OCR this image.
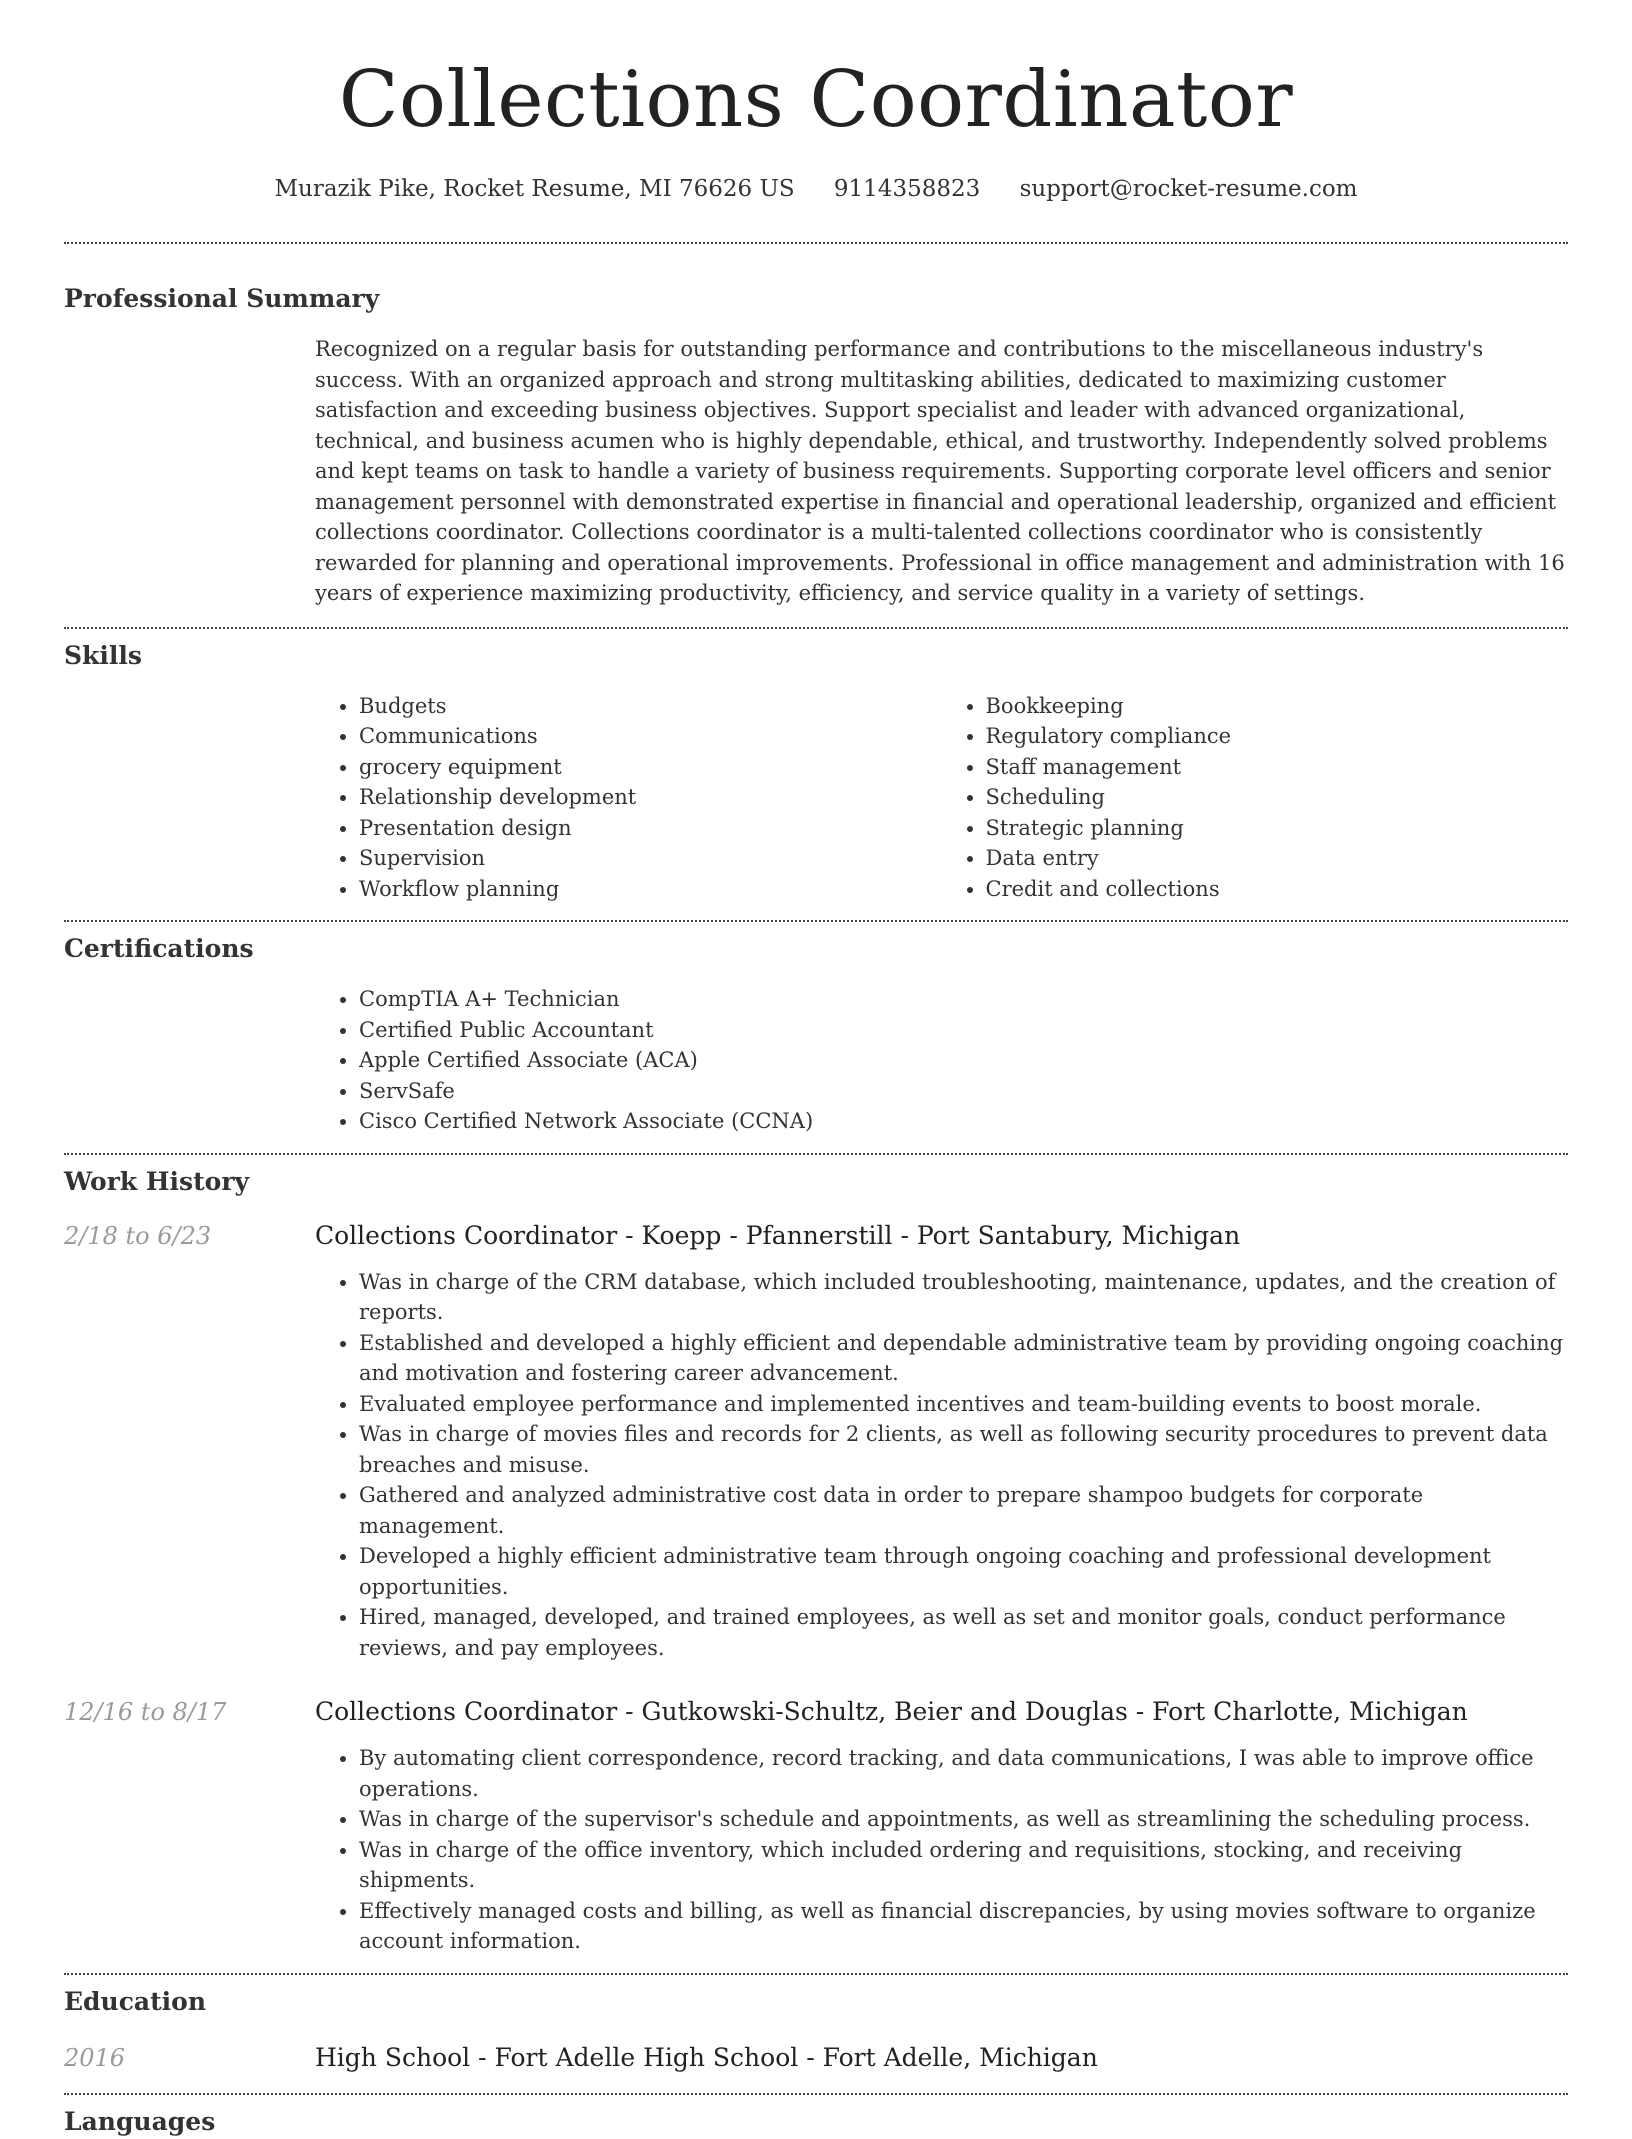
Collections Coordinator
Murazik Pike, Rocket Resume, MI 76626 US 9114358823 support@rocket-resume.com
Professional Summary

Recognized on a regular basis for outstanding performance and contributions to the miscellaneous industry's success. With an organized approach and strong multitasking abilities, dedicated to maximizing customer satisfaction and exceeding business objectives. Support specialist and leader with advanced organizational, technical, and business acumen who is highly dependable, ethical, and trustworthy. Independently solved problems and kept teams on task to handle a variety of business requirements. Supporting corporate level officers and senior management personnel with demonstrated expertise in financial and operational leadership, organized and efficient collections coordinator. Collections coordinator is a multi-talented collections coordinator who is consistently rewarded for planning and operational improvements. Professional in office management and administration with 16 years of experience maximizing productivity, efficiency, and service quality in a variety of settings.

Skills
• Budgets
• Communications
• grocery equipment
• Relationship development
• Presentation design
• Supervision
• Workflow planning
• Bookkeeping
• Regulatory compliance
• Staff management
• Scheduling
• Strategic planning
• Data entry
• Credit and collections
Certifications
• CompTIA A+ Technician
• Certified Public Accountant
• Apple Certified Associate (ACA)
• ServSafe
• Cisco Certified Network Associate (CCNA)
Work History
2/18 to 6/23	Collections Coordinator - Koepp - Pfannerstill - Port Santabury, Michigan
• Was in charge of the CRM database, which included troubleshooting, maintenance, updates, and the creation of reports.
• Established and developed a highly efficient and dependable administrative team by providing ongoing coaching and motivation and fostering career advancement.
• Evaluated employee performance and implemented incentives and team-building events to boost morale.
• Was in charge of movies files and records for 2 clients, as well as following security procedures to prevent data breaches and misuse.
• Gathered and analyzed administrative cost data in order to prepare shampoo budgets for corporate management.
• Developed a highly efficient administrative team through ongoing coaching and professional development opportunities.
• Hired, managed, developed, and trained employees, as well as set and monitor goals, conduct performance reviews, and pay employees.
12/16 to 8/17	Collections Coordinator - Gutkowski-Schultz, Beier and Douglas - Fort Charlotte, Michigan
• By automating client correspondence, record tracking, and data communications, I was able to improve office operations.
• Was in charge of the supervisor's schedule and appointments, as well as streamlining the scheduling process.
• Was in charge of the office inventory, which included ordering and requisitions, stocking, and receiving shipments.
• Effectively managed costs and billing, as well as financial discrepancies, by using movies software to organize account information.
Education
2016	High School - Fort Adelle High School - Fort Adelle, Michigan
Languages
